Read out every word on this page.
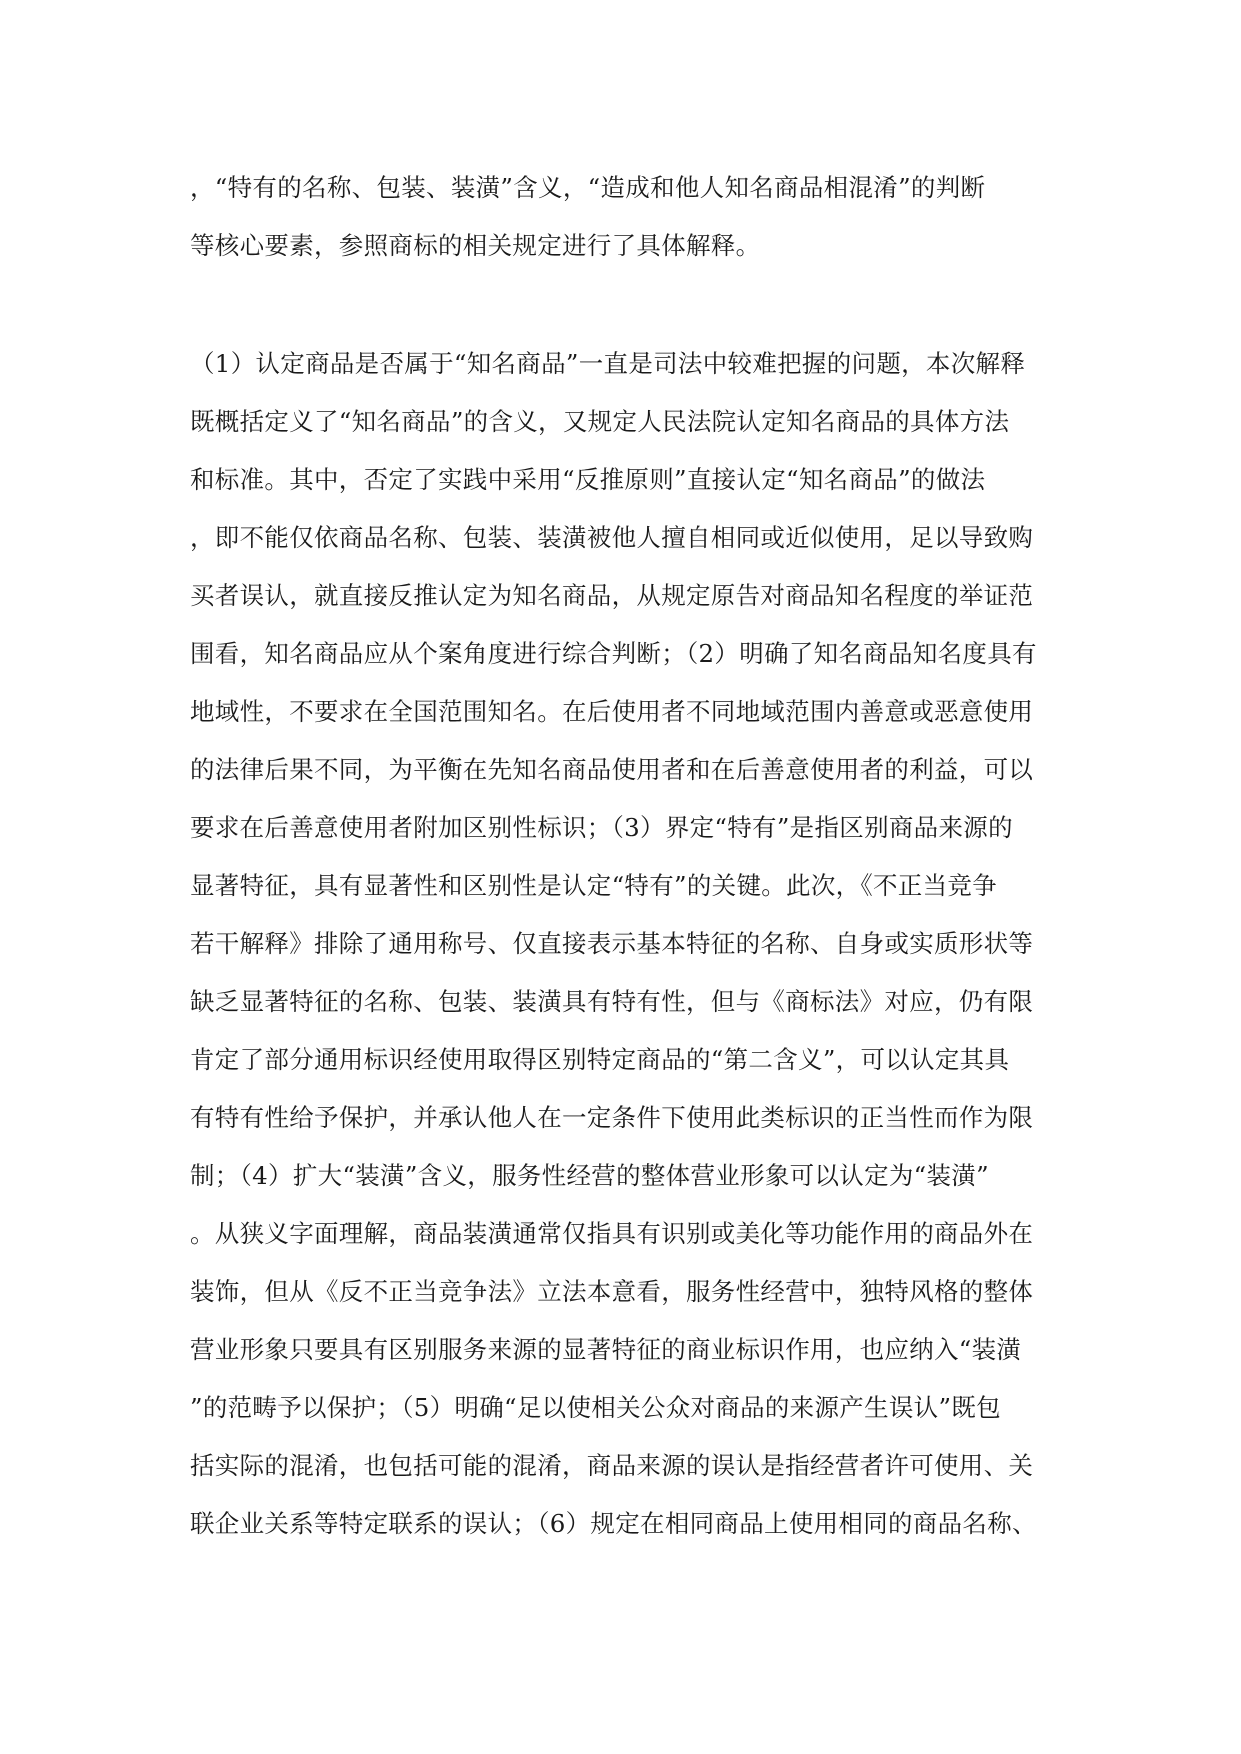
，“特有的名称、包装、装潢”含义，“造成和他人知名商品相混淆”的判断
等核心要素，参照商标的相关规定进行了具体解释。
（1）认定商品是否属于“知名商品”一直是司法中较难把握的问题，本次解释
既概括定义了“知名商品”的含义，又规定人民法院认定知名商品的具体方法
和标准。其中，否定了实践中采用“反推原则”直接认定“知名商品”的做法
，即不能仅依商品名称、包装、装潢被他人擅自相同或近似使用，足以导致购
买者误认，就直接反推认定为知名商品，从规定原告对商品知名程度的举证范
围看，知名商品应从个案角度进行综合判断；（2）明确了知名商品知名度具有
地域性，不要求在全国范围知名。在后使用者不同地域范围内善意或恶意使用
的法律后果不同，为平衡在先知名商品使用者和在后善意使用者的利益，可以
要求在后善意使用者附加区别性标识；（3）界定“特有”是指区别商品来源的
显著特征，具有显著性和区别性是认定“特有”的关键。此次，《不正当竞争
若干解释》排除了通用称号、仅直接表示基本特征的名称、自身或实质形状等
缺乏显著特征的名称、包装、装潢具有特有性，但与《商标法》对应，仍有限
肯定了部分通用标识经使用取得区别特定商品的“第二含义”，可以认定其具
有特有性给予保护，并承认他人在一定条件下使用此类标识的正当性而作为限
制；（4）扩大“装潢”含义，服务性经营的整体营业形象可以认定为“装潢”
。从狭义字面理解，商品装潢通常仅指具有识别或美化等功能作用的商品外在
装饰，但从《反不正当竞争法》立法本意看，服务性经营中，独特风格的整体
营业形象只要具有区别服务来源的显著特征的商业标识作用，也应纳入“装潢
”的范畴予以保护；（5）明确“足以使相关公众对商品的来源产生误认”既包
括实际的混淆，也包括可能的混淆，商品来源的误认是指经营者许可使用、关
联企业关系等特定联系的误认；（6）规定在相同商品上使用相同的商品名称、
